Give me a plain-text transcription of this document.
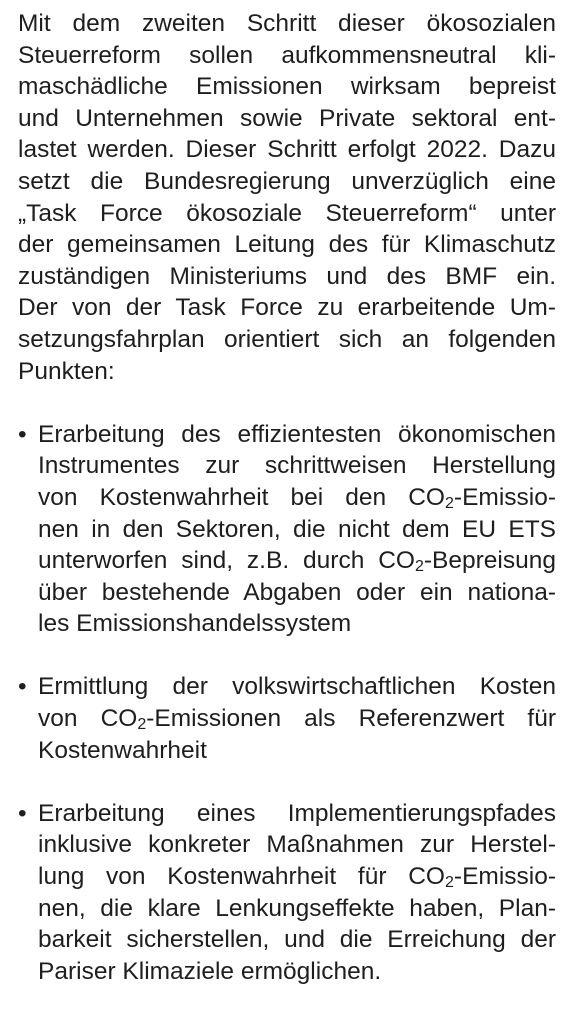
Mit dem zweiten Schritt dieser ökosozialen
Steuerreform sollen aufkommensneutral kli-
maschädliche Emissionen wirksam bepreist
und Unternehmen sowie Private sektoral ent-
lastet werden. Dieser Schritt erfolgt 2022. Dazu
setzt die Bundesregierung unverzüglich eine
„Task Force ökosoziale Steuerreform“ unter
der gemeinsamen Leitung des für Klimaschutz
zuständigen Ministeriums und des BMF ein.
Der von der Task Force zu erarbeitende Um-
setzungsfahrplan orientiert sich an folgenden
Punkten:
• Erarbeitung des effizientesten ökonomischen
Instrumentes zur schrittweisen Herstellung
von Kostenwahrheit bei den CO2-Emissio-
nen in den Sektoren, die nicht dem EU ETS
unterworfen sind, z.B. durch CO2-Bepreisung
über bestehende Abgaben oder ein nationa-
les Emissionshandelssystem
• Ermittlung der volkswirtschaftlichen Kosten
von CO2-Emissionen als Referenzwert für
Kostenwahrheit
• Erarbeitung eines Implementierungspfades
inklusive konkreter Maßnahmen zur Herstel-
lung von Kostenwahrheit für CO2-Emissio-
nen, die klare Lenkungseffekte haben, Plan-
barkeit sicherstellen, und die Erreichung der
Pariser Klimaziele ermöglichen.
